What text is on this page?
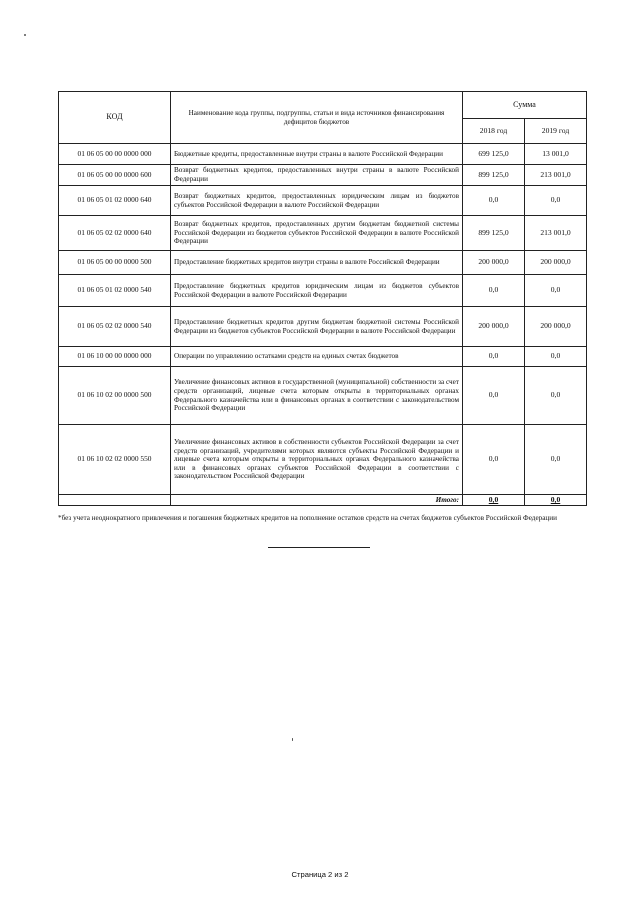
КОД	Наименование кода группы, подгруппы, статьи и вида источников финансирования дефицитов бюджетов	Сумма	
		2018 год	2019 год
01 06 05 00 00 0000 000	Бюджетные кредиты, предоставленные внутри страны в валюте Российской Федерации	699 125,0	13 001,0
01 06 05 00 00 0000 600	Возврат бюджетных кредитов, предоставленных внутри страны в валюте Российской Федерации	899 125,0	213 001,0
01 06 05 01 02 0000 640	Возврат бюджетных кредитов, предоставленных юридическим лицам из бюджетов субъектов Российской Федерации в валюте Российской Федерации	0,0	0,0
01 06 05 02 02 0000 640	Возврат бюджетных кредитов, предоставленных другим бюджетам бюджетной системы Российской Федерации из бюджетов субъектов Российской Федерации в валюте Российской Федерации	899 125,0	213 001,0
01 06 05 00 00 0000 500	Предоставление бюджетных кредитов внутри страны в валюте Российской Федерации	200 000,0	200 000,0
01 06 05 01 02 0000 540	Предоставление бюджетных кредитов юридическим лицам из бюджетов субъектов Российской Федерации в валюте Российской Федерации	0,0	0,0
01 06 05 02 02 0000 540	Предоставление бюджетных кредитов другим бюджетам бюджетной системы Российской Федерации из бюджетов субъектов Российской Федерации в валюте Российской Федерации	200 000,0	200 000,0
01 06 10 00 00 0000 000	Операции по управлению остатками средств на единых счетах бюджетов	0,0	0,0
01 06 10 02 00 0000 500	Увеличение финансовых активов в государственной (муниципальной) собственности за счет средств организаций, лицевые счета которым открыты в территориальных органах Федерального казначейства или в финансовых органах в соответствии с законодательством Российской Федерации	0,0	0,0
01 06 10 02 02 0000 550	Увеличение финансовых активов в собственности субъектов Российской Федерации за счет средств организаций, учредителями которых являются субъекты Российской Федерации и лицевые счета которым открыты в территориальных органах Федерального казначейства или в финансовых органах субъектов Российской Федерации в соответствии с законодательством Российской Федерации	0,0	0,0
	Итого:	0,0	0,0
*без учета неоднократного привлечения и погашения бюджетных кредитов на пополнение остатков средств на счетах бюджетов субъектов Российской Федерации
Страница 2 из 2
